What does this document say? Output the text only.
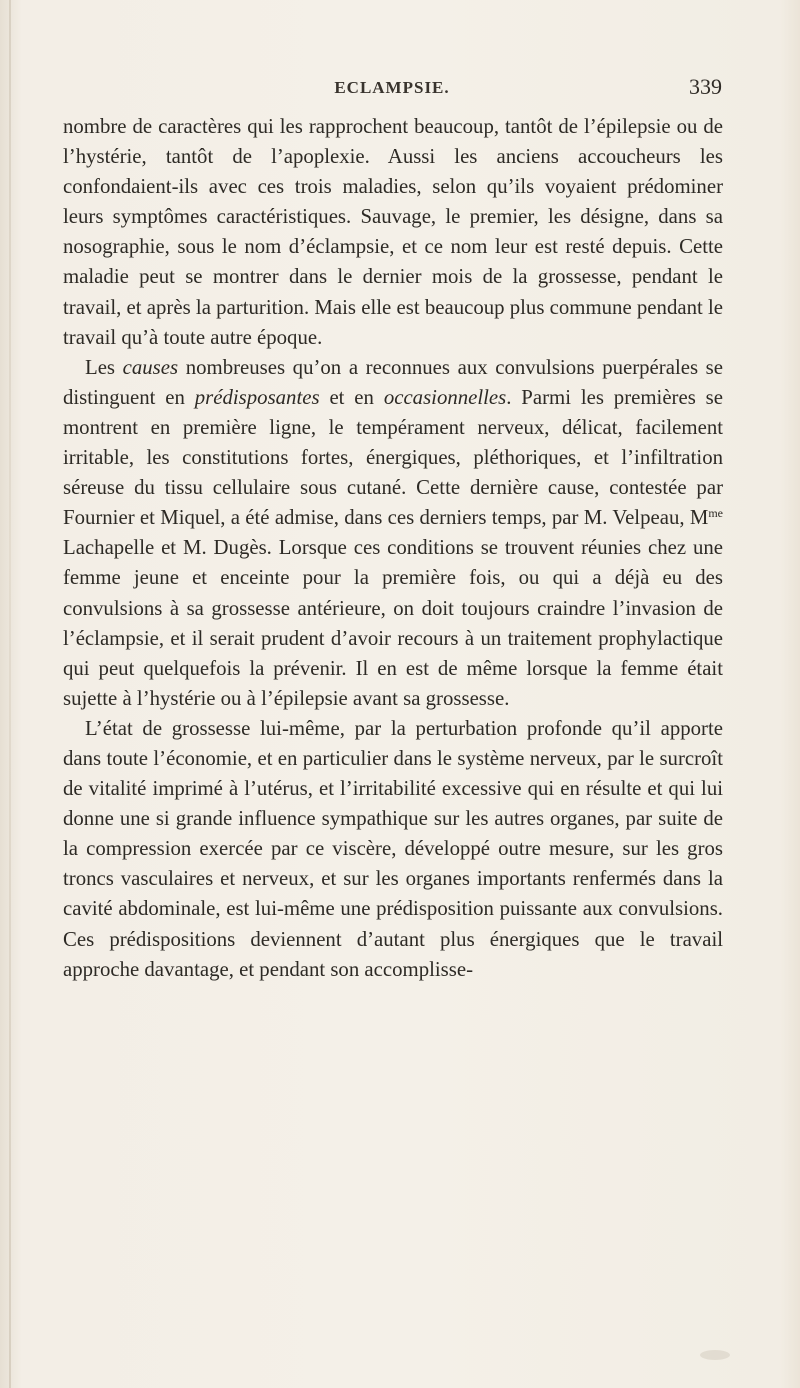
ECLAMPSIE.	339

nombre de caractères qui les rapprochent beaucoup, tantôt de l’épilepsie ou de l’hystérie, tantôt de l’apoplexie. Aussi les anciens accoucheurs les confondaient-ils avec ces trois maladies, selon qu’ils voyaient prédominer leurs symptômes caractéristiques. Sauvage, le premier, les désigne, dans sa nosographie, sous le nom d’éclampsie, et ce nom leur est resté depuis. Cette maladie peut se montrer dans le dernier mois de la grossesse, pendant le travail, et après la parturition. Mais elle est beaucoup plus commune pendant le travail qu’à toute autre époque.

Les causes nombreuses qu’on a reconnues aux convulsions puerpérales se distinguent en prédisposantes et en occasionnelles. Parmi les premières se montrent en première ligne, le tempérament nerveux, délicat, facilement irritable, les constitutions fortes, énergiques, pléthoriques, et l’infiltration séreuse du tissu cellulaire sous cutané. Cette dernière cause, contestée par Fournier et Miquel, a été admise, dans ces derniers temps, par M. Velpeau, $M^{me}$ Lachapelle et M. Dugès. Lorsque ces conditions se trouvent réunies chez une femme jeune et enceinte pour la première fois, ou qui a déjà eu des convulsions à sa grossesse antérieure, on doit toujours craindre l’invasion de l’éclampsie, et il serait prudent d’avoir recours à un traitement prophylactique qui peut quelquefois la prévenir. Il en est de même lorsque la femme était sujette à l’hystérie ou à l’épilepsie avant sa grossesse.

L’état de grossesse lui-même, par la perturbation profonde qu’il apporte dans toute l’économie, et en particulier dans le système nerveux, par le surcroît de vitalité imprimé à l’utérus, et l’irritabilité excessive qui en résulte et qui lui donne une si grande influence sympathique sur les autres organes, par suite de la compression exercée par ce viscère, développé outre mesure, sur les gros troncs vasculaires et nerveux, et sur les organes importants renfermés dans la cavité abdominale, est lui-même une prédisposition puissante aux convulsions. Ces prédispositions deviennent d’autant plus énergiques que le travail approche davantage, et pendant son accomplisse-
